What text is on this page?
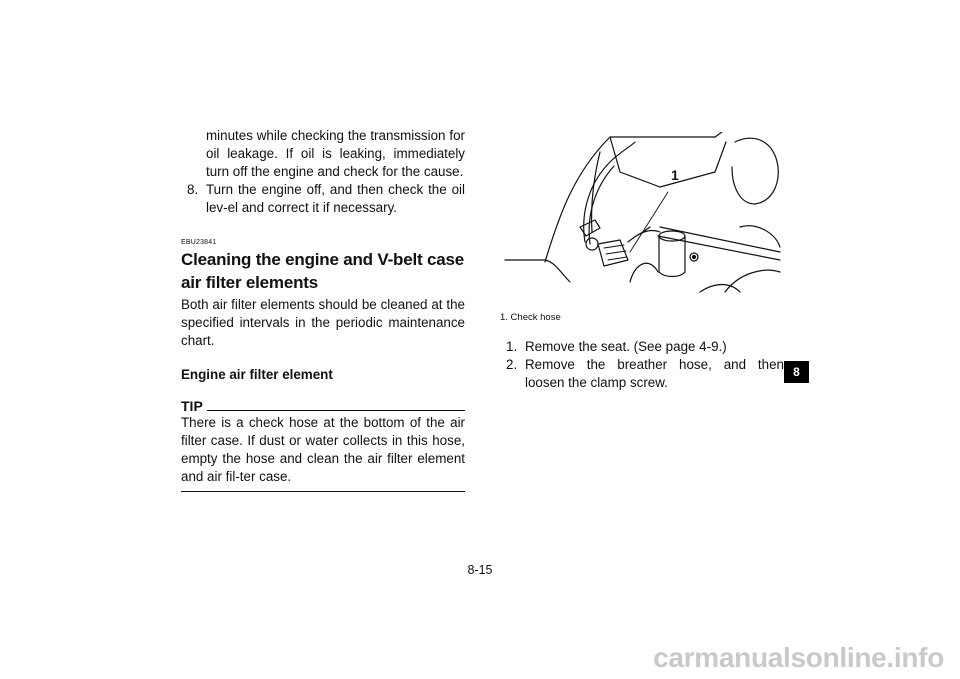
minutes while checking the transmission for oil leakage. If oil is leaking, immediately turn off the engine and check for the cause.
8. Turn the engine off, and then check the oil lev-el and correct it if necessary.
EBU23841
Cleaning the engine and V-belt case air filter elements

Both air filter elements should be cleaned at the specified intervals in the periodic maintenance chart.

Engine air filter element
TIP

There is a check hose at the bottom of the air filter case. If dust or water collects in this hose, empty the hose and clean the air filter element and air fil-ter case.

1
1. Check hose
1. Remove the seat. (See page 4-9.)
2. Remove the breather hose, and then loosen the clamp screw.
8
8-15
carmanualsonline.info
